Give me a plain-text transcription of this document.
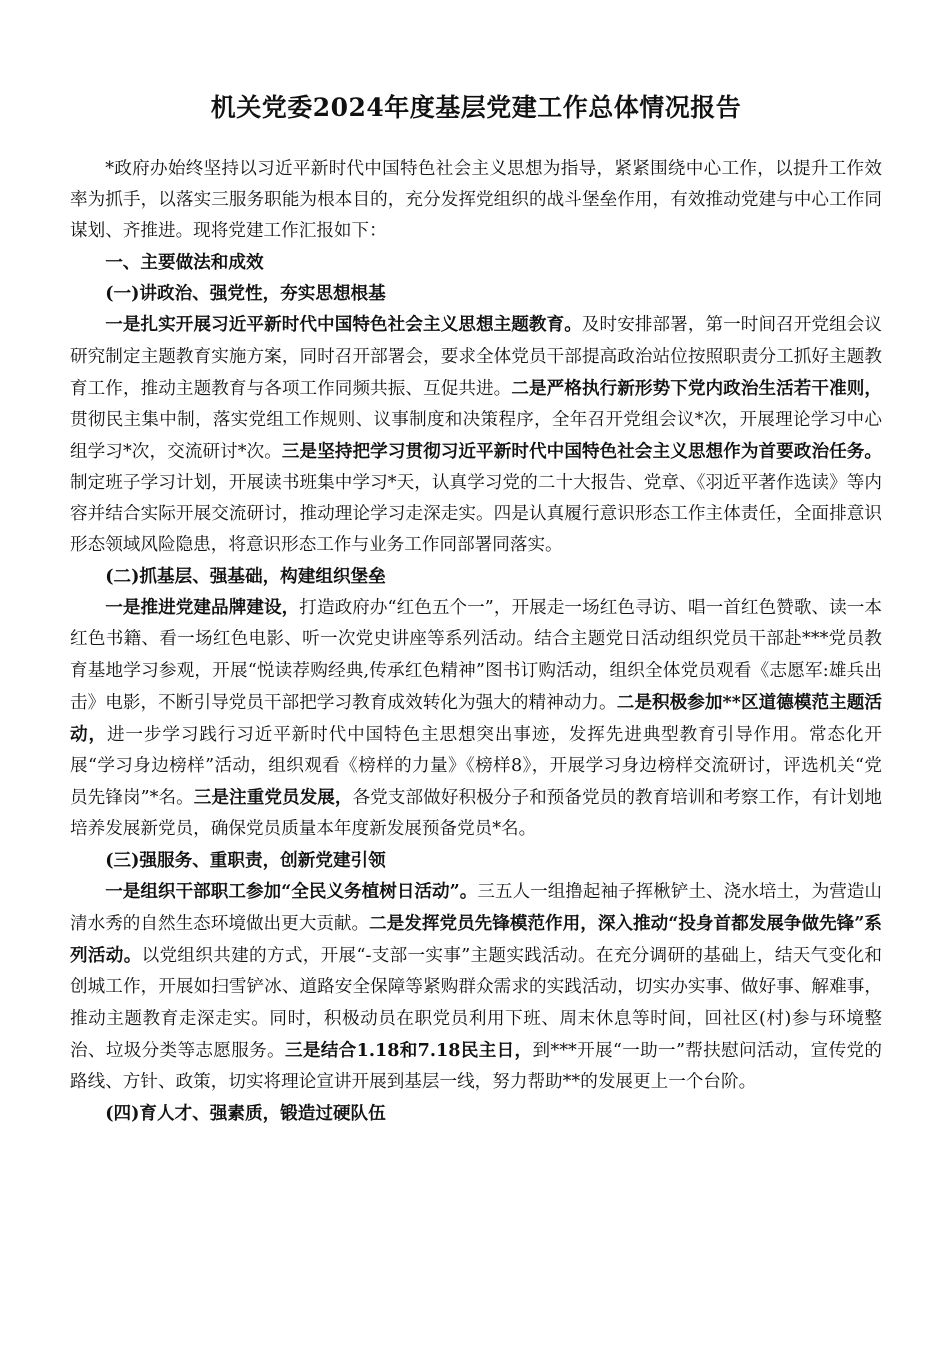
机关党委2024年度基层党建工作总体情况报告

*政府办始终坚持以习近平新时代中国特色社会主义思想为指导，紧紧围绕中心工作，以提升工作效率为抓手，以落实三服务职能为根本目的，充分发挥党组织的战斗堡垒作用，有效推动党建与中心工作同谋划、齐推进。现将党建工作汇报如下：

一、主要做法和成效
(一)讲政治、强党性，夯实思想根基

一是扎实开展习近平新时代中国特色社会主义思想主题教育。及时安排部署，第一时间召开党组会议研究制定主题教育实施方案，同时召开部署会，要求全体党员干部提高政治站位按照职责分工抓好主题教育工作，推动主题教育与各项工作同频共振、互促共进。二是严格执行新形势下党内政治生活若干准则，贯彻民主集中制，落实党组工作规则、议事制度和决策程序，全年召开党组会议*次，开展理论学习中心组学习*次，交流研讨*次。三是坚持把学习贯彻习近平新时代中国特色社会主义思想作为首要政治任务。制定班子学习计划，开展读书班集中学习*天，认真学习党的二十大报告、党章、《羽近平著作选读》等内容并结合实际开展交流研讨，推动理论学习走深走实。四是认真履行意识形态工作主体责任，全面排意识形态领域风险隐患，将意识形态工作与业务工作同部署同落实。

(二)抓基层、强基础，构建组织堡垒

一是推进党建品牌建设，打造政府办“红色五个一”，开展走一场红色寻访、唱一首红色赞歌、读一本红色书籍、看一场红色电影、听一次党史讲座等系列活动。结合主题党日活动组织党员干部赴***党员教育基地学习参观，开展“悦读荐购经典,传承红色精神”图书订购活动，组织全体党员观看《志愿军:雄兵出击》电影，不断引导党员干部把学习教育成效转化为强大的精神动力。二是积极参加**区道德模范主题活动，进一步学习践行习近平新时代中国特色主思想突出事迹，发挥先进典型教育引导作用。常态化开展“学习身边榜样”活动，组织观看《榜样的力量》《榜样8》，开展学习身边榜样交流研讨，评选机关“党员先锋岗”*名。三是注重党员发展，各党支部做好积极分子和预备党员的教育培训和考察工作，有计划地培养发展新党员，确保党员质量本年度新发展预备党员*名。

(三)强服务、重职责，创新党建引领

一是组织干部职工参加“全民义务植树日活动”。三五人一组撸起袖子挥楸铲土、浇水培土，为营造山清水秀的自然生态环境做出更大贡献。二是发挥党员先锋模范作用，深入推动“投身首都发展争做先锋”系列活动。以党组织共建的方式，开展“-支部一实事”主题实践活动。在充分调研的基础上，结天气变化和创城工作，开展如扫雪铲冰、道路安全保障等紧购群众需求的实践活动，切实办实事、做好事、解难事，推动主题教育走深走实。同时，积极动员在职党员利用下班、周末休息等时间，回社区(村)参与环境整治、垃圾分类等志愿服务。三是结合1.18和7.18民主日，到***开展“一助一”帮扶慰问活动，宣传党的路线、方针、政策，切实将理论宣讲开展到基层一线，努力帮助**的发展更上一个台阶。

(四)育人才、强素质，锻造过硬队伍
